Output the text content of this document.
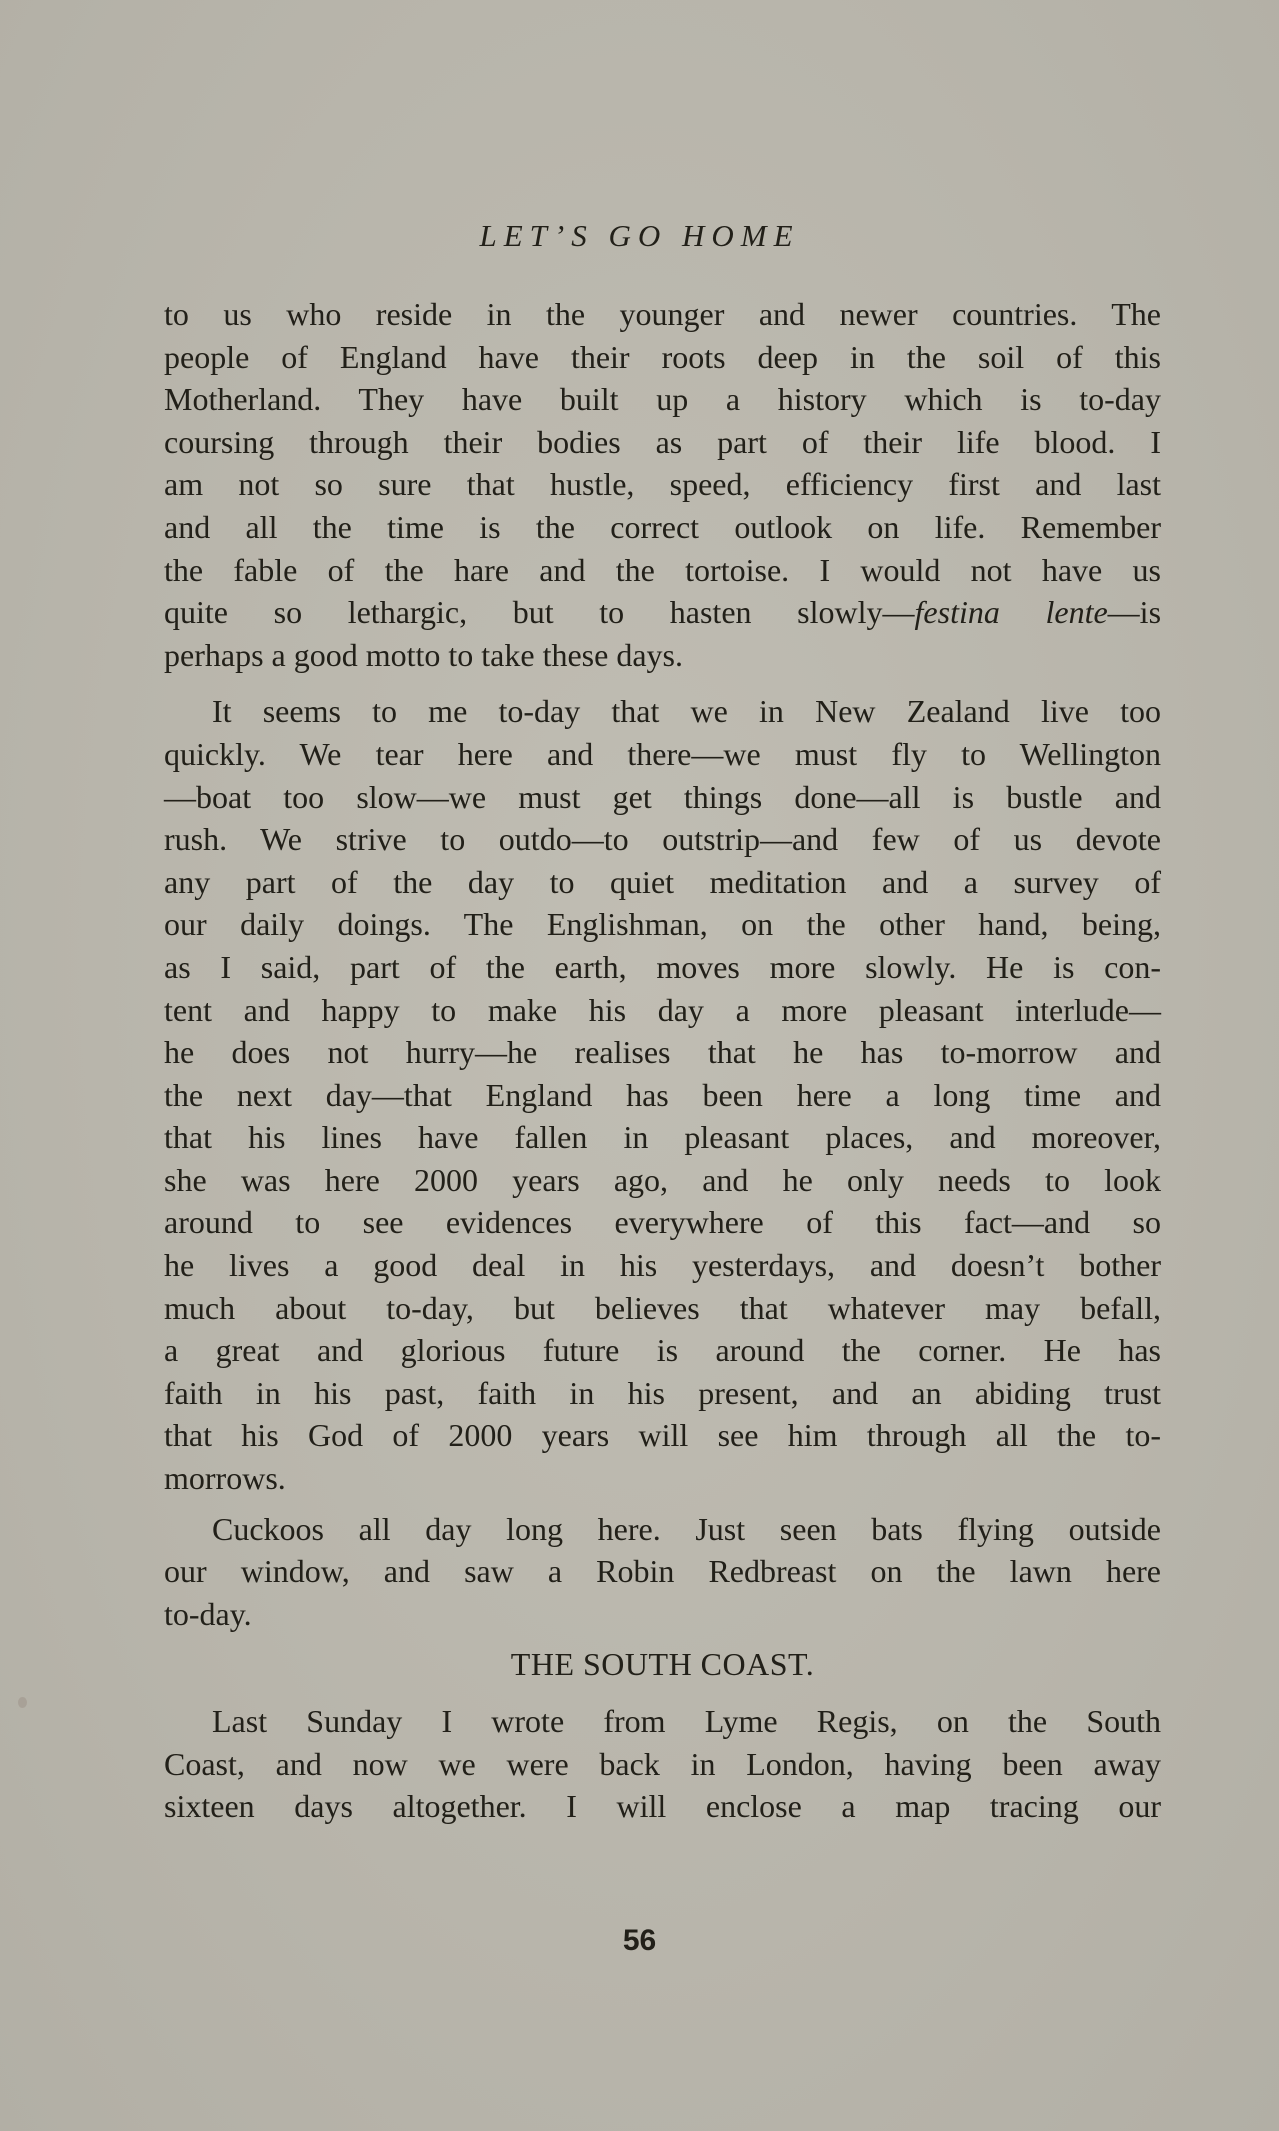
LET’S GO HOME

to us who reside in the younger and newer countries. The
people of England have their roots deep in the soil of this
Motherland. They have built up a history which is to-day
coursing through their bodies as part of their life blood. I
am not so sure that hustle, speed, efficiency first and last
and all the time is the correct outlook on life. Remember
the fable of the hare and the tortoise. I would not have us
quite so lethargic, but to hasten slowly—festina lente—is
perhaps a good motto to take these days.

It seems to me to-day that we in New Zealand live too
quickly. We tear here and there—we must fly to Wellington
—boat too slow—we must get things done—all is bustle and
rush. We strive to outdo—to outstrip—and few of us devote
any part of the day to quiet meditation and a survey of
our daily doings. The Englishman, on the other hand, being,
as I said, part of the earth, moves more slowly. He is con-
tent and happy to make his day a more pleasant interlude—
he does not hurry—he realises that he has to-morrow and
the next day—that England has been here a long time and
that his lines have fallen in pleasant places, and moreover,
she was here 2000 years ago, and he only needs to look
around to see evidences everywhere of this fact—and so
he lives a good deal in his yesterdays, and doesn’t bother
much about to-day, but believes that whatever may befall,
a great and glorious future is around the corner. He has
faith in his past, faith in his present, and an abiding trust
that his God of 2000 years will see him through all the to-
morrows.

Cuckoos all day long here. Just seen bats flying outside
our window, and saw a Robin Redbreast on the lawn here
to-day.

THE SOUTH COAST.

Last Sunday I wrote from Lyme Regis, on the South
Coast, and now we were back in London, having been away
sixteen days altogether. I will enclose a map tracing our

56
